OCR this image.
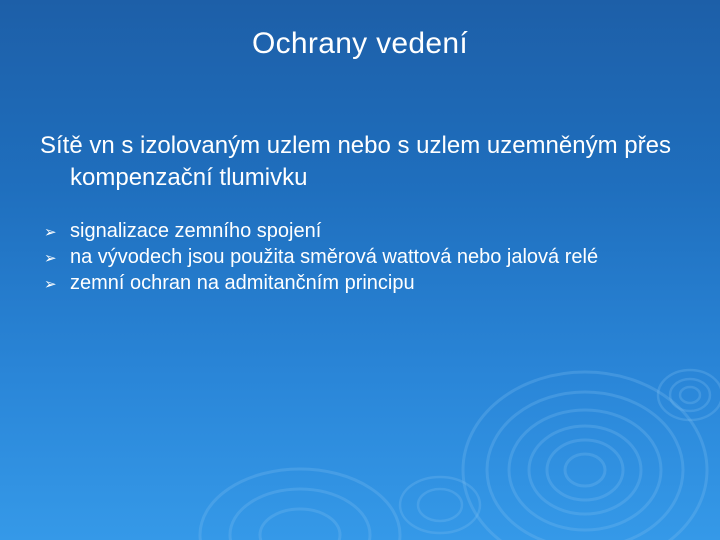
Ochrany vedení
Sítě vn s izolovaným uzlem nebo s uzlem uzemněným přes kompenzační tlumivku
➢ signalizace zemního spojení
➢ na vývodech jsou použita směrová wattová nebo jalová relé
➢ zemní ochran na admitančním principu
